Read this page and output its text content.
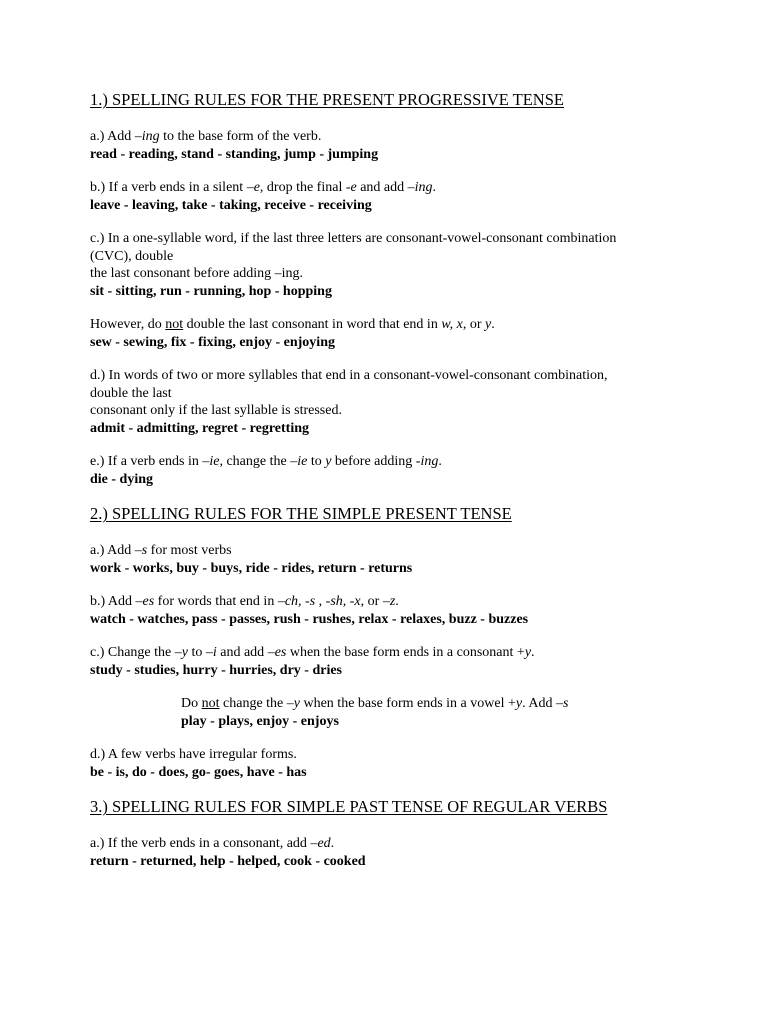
1.) SPELLING RULES FOR THE PRESENT PROGRESSIVE TENSE

a.) Add –ing to the base form of the verb.

read - reading, stand - standing, jump - jumping

b.) If a verb ends in a silent –e, drop the final -e and add –ing.

leave - leaving, take - taking, receive - receiving

c.) In a one-syllable word, if the last three letters are consonant-vowel-consonant combination

(CVC), double

the last consonant before adding –ing.

sit - sitting, run - running, hop - hopping

However, do not double the last consonant in word that end in w, x, or y.

sew - sewing, fix - fixing, enjoy - enjoying

d.) In words of two or more syllables that end in a consonant-vowel-consonant combination,

double the last

consonant only if the last syllable is stressed.

admit - admitting, regret - regretting

e.) If a verb ends in –ie, change the –ie to y before adding -ing.

die - dying

2.) SPELLING RULES FOR THE SIMPLE PRESENT TENSE

a.) Add –s for most verbs

work - works, buy - buys, ride - rides, return - returns

b.) Add –es for words that end in –ch, -s , -sh, -x, or –z.

watch - watches, pass - passes, rush - rushes, relax - relaxes, buzz - buzzes

c.) Change the –y to –i and add –es when the base form ends in a consonant +y.

study - studies, hurry - hurries, dry - dries

Do not change the –y when the base form ends in a vowel +y. Add –s

play - plays, enjoy - enjoys

d.) A few verbs have irregular forms.

be - is, do - does, go- goes, have - has

3.) SPELLING RULES FOR SIMPLE PAST TENSE OF REGULAR VERBS

a.) If the verb ends in a consonant, add –ed.

return - returned, help - helped, cook - cooked
